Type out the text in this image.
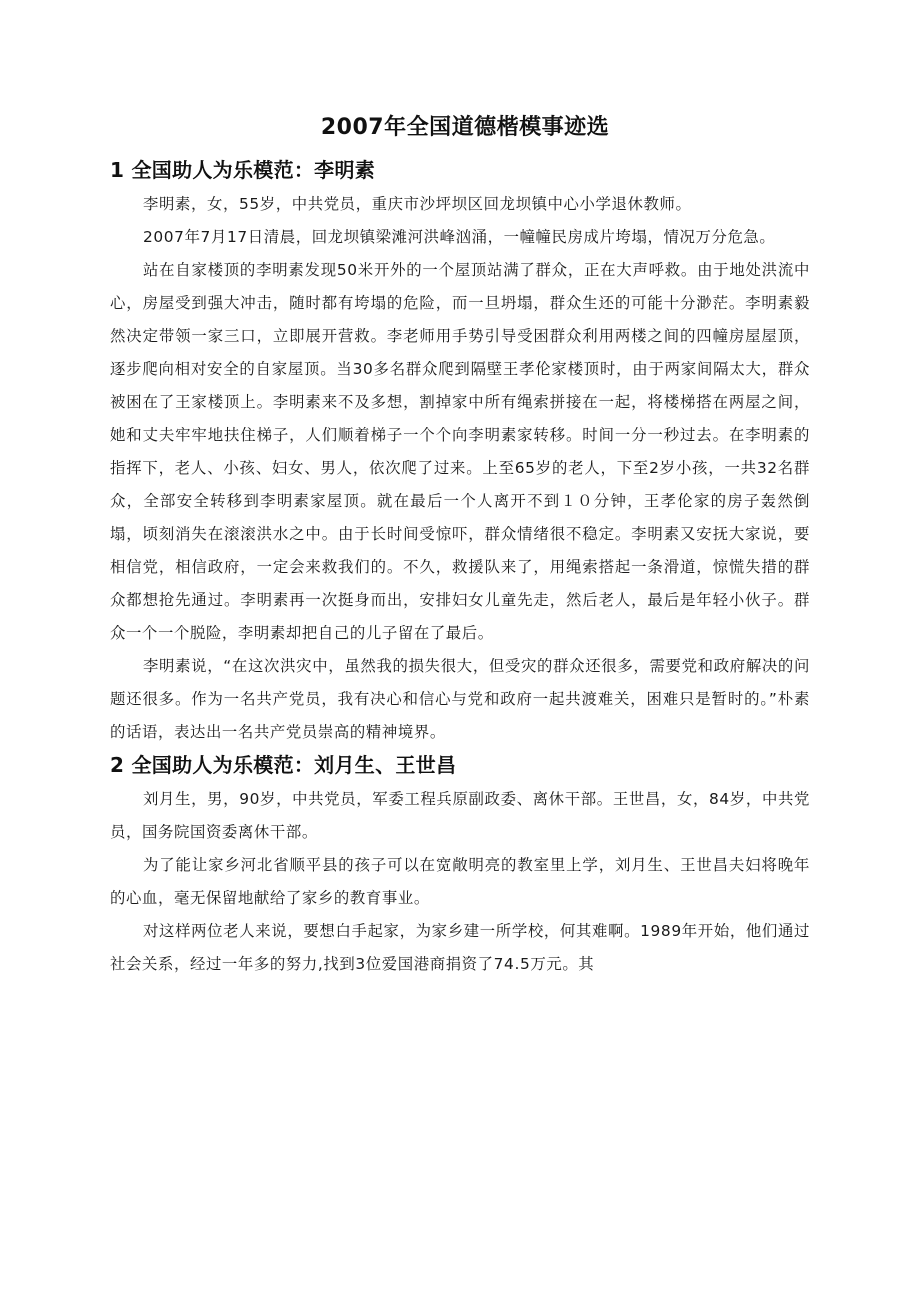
2007年全国道德楷模事迹选
1 全国助人为乐模范：李明素

李明素，女，55岁，中共党员，重庆市沙坪坝区回龙坝镇中心小学退休教师。

2007年7月17日清晨，回龙坝镇梁滩河洪峰汹涌，一幢幢民房成片垮塌，情况万分危急。

站在自家楼顶的李明素发现50米开外的一个屋顶站满了群众，正在大声呼救。由于地处洪流中心，房屋受到强大冲击，随时都有垮塌的危险，而一旦坍塌，群众生还的可能十分渺茫。李明素毅然决定带领一家三口，立即展开营救。李老师用手势引导受困群众利用两楼之间的四幢房屋屋顶，逐步爬向相对安全的自家屋顶。当30多名群众爬到隔壁王孝伦家楼顶时，由于两家间隔太大，群众被困在了王家楼顶上。李明素来不及多想，割掉家中所有绳索拼接在一起，将楼梯搭在两屋之间，她和丈夫牢牢地扶住梯子，人们顺着梯子一个个向李明素家转移。时间一分一秒过去。在李明素的指挥下，老人、小孩、妇女、男人，依次爬了过来。上至65岁的老人，下至2岁小孩，一共32名群众，全部安全转移到李明素家屋顶。就在最后一个人离开不到１０分钟，王孝伦家的房子轰然倒塌，顷刻消失在滚滚洪水之中。由于长时间受惊吓，群众情绪很不稳定。李明素又安抚大家说，要相信党，相信政府，一定会来救我们的。不久，救援队来了，用绳索搭起一条滑道，惊慌失措的群众都想抢先通过。李明素再一次挺身而出，安排妇女儿童先走，然后老人，最后是年轻小伙子。群众一个一个脱险，李明素却把自己的儿子留在了最后。

李明素说，“在这次洪灾中，虽然我的损失很大，但受灾的群众还很多，需要党和政府解决的问题还很多。作为一名共产党员，我有决心和信心与党和政府一起共渡难关，困难只是暂时的。”朴素的话语，表达出一名共产党员崇高的精神境界。

2 全国助人为乐模范：刘月生、王世昌

刘月生，男，90岁，中共党员，军委工程兵原副政委、离休干部。王世昌，女，84岁，中共党员，国务院国资委离休干部。

为了能让家乡河北省顺平县的孩子可以在宽敞明亮的教室里上学，刘月生、王世昌夫妇将晚年的心血，毫无保留地献给了家乡的教育事业。

对这样两位老人来说，要想白手起家，为家乡建一所学校，何其难啊。1989年开始，他们通过社会关系，经过一年多的努力,找到3位爱国港商捐资了74.5万元。其
